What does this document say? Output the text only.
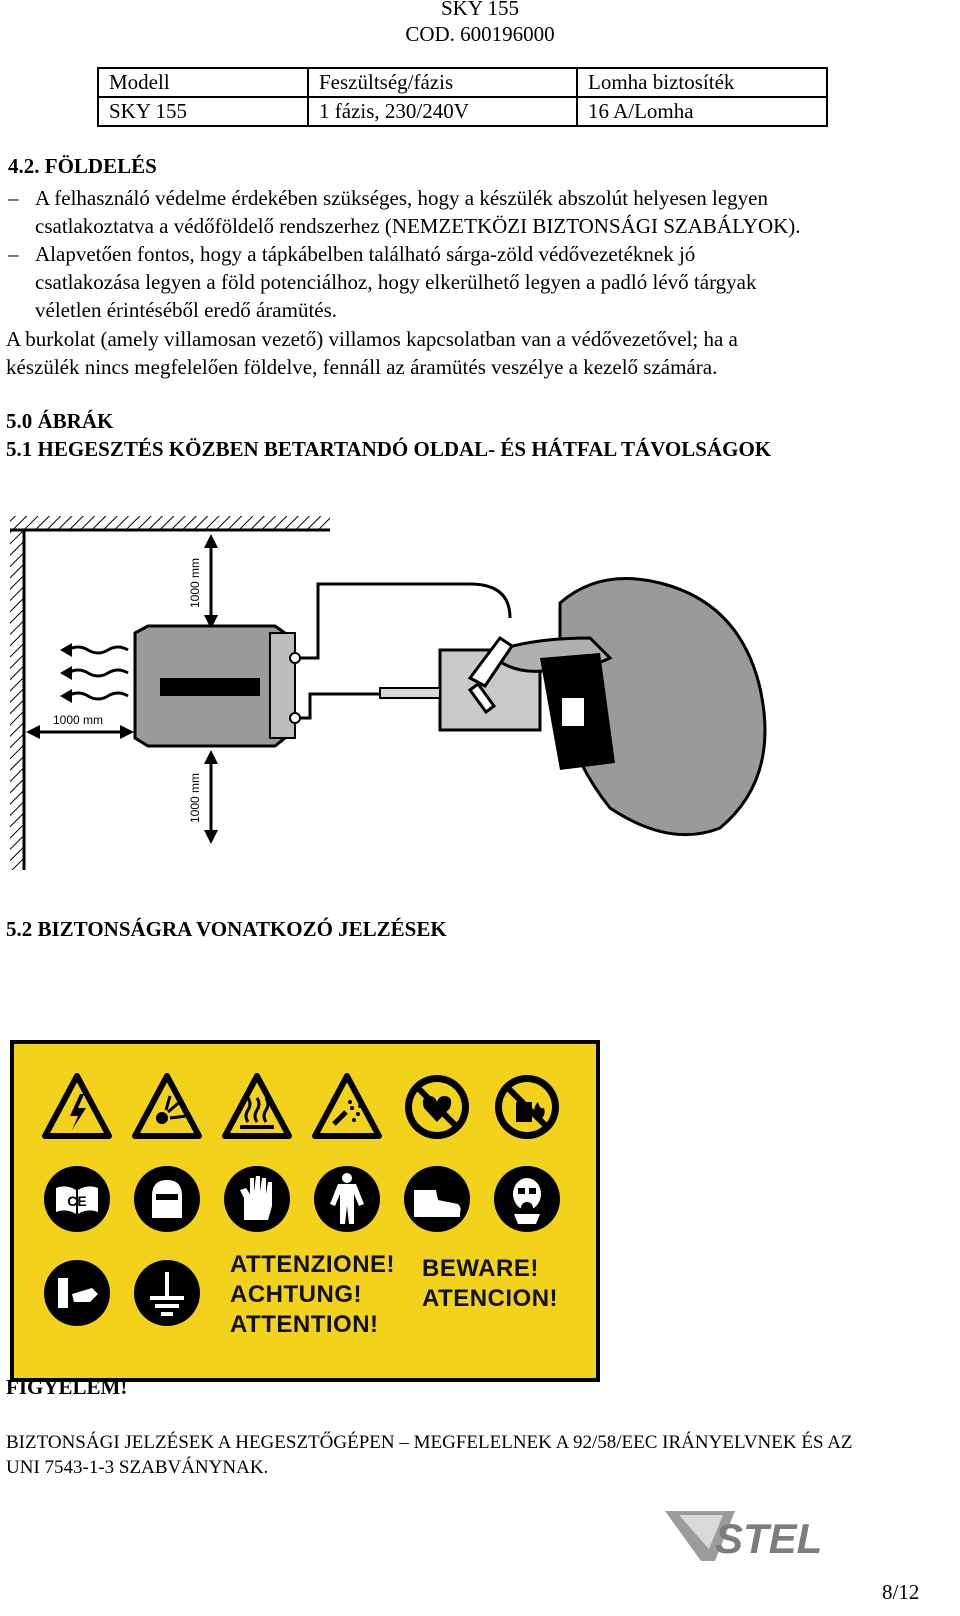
SKY 155
COD. 600196000
Modell	Feszültség/fázis	Lomha biztosíték
SKY 155	1 fázis, 230/240V	16 A/Lomha
4.2. FÖLDELÉS
– A felhasználó védelme érdekében szükséges, hogy a készülék abszolút helyesen legyen
csatlakoztatva a védőföldelő rendszerhez (NEMZETKÖZI BIZTONSÁGI SZABÁLYOK).
– Alapvetően fontos, hogy a tápkábelben található sárga-zöld védővezetéknek jó
csatlakozása legyen a föld potenciálhoz, hogy elkerülhető legyen a padló lévő tárgyak
véletlen érintéséből eredő áramütés.
A burkolat (amely villamosan vezető) villamos kapcsolatban van a védővezetővel; ha a
készülék nincs megfelelően földelve, fennáll az áramütés veszélye a kezelő számára.
5.0 ÁBRÁK
5.1 HEGESZTÉS KÖZBEN BETARTANDÓ OLDAL- ÉS HÁTFAL TÁVOLSÁGOK
1000 mm
1000 mm
1000 mm
5.2 BIZTONSÁGRA VONATKOZÓ JELZÉSEK
CE
ATTENZIONE!
ACHTUNG!
ATTENTION!
BEWARE!
ATENCION!
FIGYELEM!
BIZTONSÁGI JELZÉSEK A HEGESZTŐGÉPEN – MEGFELELNEK A 92/58/EEC IRÁNYELVNEK ÉS AZ
UNI 7543-1-3 SZABVÁNYNAK.
STEL
8/12
